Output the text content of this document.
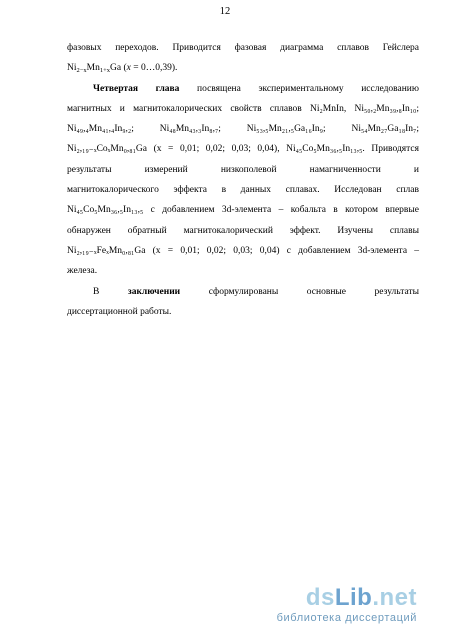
12
фазовых переходов. Приводится фазовая диаграмма сплавов Гейслера
$Ni_{2-x}Mn_{1+x}Ga$ (x = 0…0,39).
Четвертая глава посвящена экспериментальному исследованию
магнитных и магнитокалорических свойств сплавов Ni₂MnIn, Ni₅₀,₂Mn₃₉,₈In₁₀;
Ni₄₉,₄Mn₄₁,₄In₉,₂; Ni₄₈Mn₄₃,₃In₈,₇; Ni₅₃,₅Mn₂₁,₅Ga₁₆In₉; Ni₅₄Mn₂₇Ga₁₈In₇;
Ni₂,₁₉₋ₓCoₓMn₀,₈₁Ga (x = 0,01; 0,02; 0,03; 0,04), Ni₄₅Co₅Mn₃₆,₅In₁₃,₅. Приводятся
результаты измерений низкополевой намагниченности и
магнитокалорического эффекта в данных сплавах. Исследован сплав
Ni₄₅Co₅Mn₃₆,₅In₁₃,₅ с добавлением 3d-элемента – кобальта в котором впервые
обнаружен обратный магнитокалорический эффект. Изучены сплавы
Ni₂,₁₉₋ₓFeₓMn₀,₈₁Ga (x = 0,01; 0,02; 0,03; 0,04) с добавлением 3d-элемента –
железа.
В	заключении	сформулированы основные результаты
диссертационной работы.
dsLib.net
библиотека диссертаций
